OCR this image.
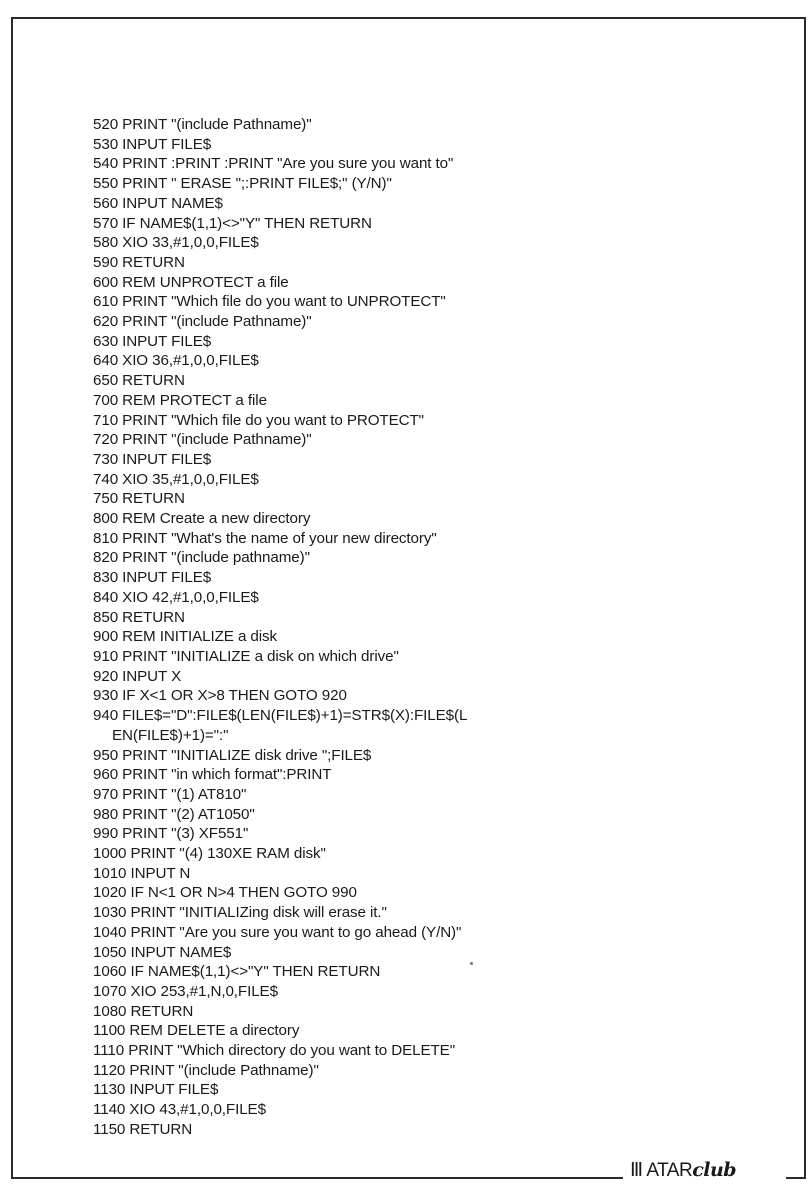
520 PRINT "(include Pathname)"
530 INPUT FILE$
540 PRINT :PRINT :PRINT "Are you sure you want to"
550 PRINT " ERASE ";:PRINT FILE$;" (Y/N)"
560 INPUT NAME$
570 IF NAME$(1,1)<>"Y" THEN RETURN
580 XIO 33,#1,0,0,FILE$
590 RETURN
600 REM UNPROTECT a file
610 PRINT "Which file do you want to UNPROTECT"
620 PRINT "(include Pathname)"
630 INPUT FILE$
640 XIO 36,#1,0,0,FILE$
650 RETURN
700 REM PROTECT a file
710 PRINT "Which file do you want to PROTECT"
720 PRINT "(include Pathname)"
730 INPUT FILE$
740 XIO 35,#1,0,0,FILE$
750 RETURN
800 REM Create a new directory
810 PRINT "What's the name of your new directory"
820 PRINT "(include pathname)"
830 INPUT FILE$
840 XIO 42,#1,0,0,FILE$
850 RETURN
900 REM INITIALIZE a disk
910 PRINT "INITIALIZE a disk on which drive"
920 INPUT X
930 IF X<1 OR X>8 THEN GOTO 920
940 FILE$="D":FILE$(LEN(FILE$)+1)=STR$(X):FILE$(L
EN(FILE$)+1)=":"
950 PRINT "INITIALIZE disk drive ";FILE$
960 PRINT "in which format":PRINT
970 PRINT "(1) AT810"
980 PRINT "(2) AT1050"
990 PRINT "(3) XF551"
1000 PRINT "(4) 130XE RAM disk"
1010 INPUT N
1020 IF N<1 OR N>4 THEN GOTO 990
1030 PRINT "INITIALIZing disk will erase it."
1040 PRINT "Are you sure you want to go ahead (Y/N)"
1050 INPUT NAME$
1060 IF NAME$(1,1)<>"Y" THEN RETURN
1070 XIO 253,#1,N,0,FILE$
1080 RETURN
1100 REM DELETE a directory
1110 PRINT "Which directory do you want to DELETE"
1120 PRINT "(include Pathname)"
1130 INPUT FILE$
1140 XIO 43,#1,0,0,FILE$
1150 RETURN
Ⅲ ATARclub
